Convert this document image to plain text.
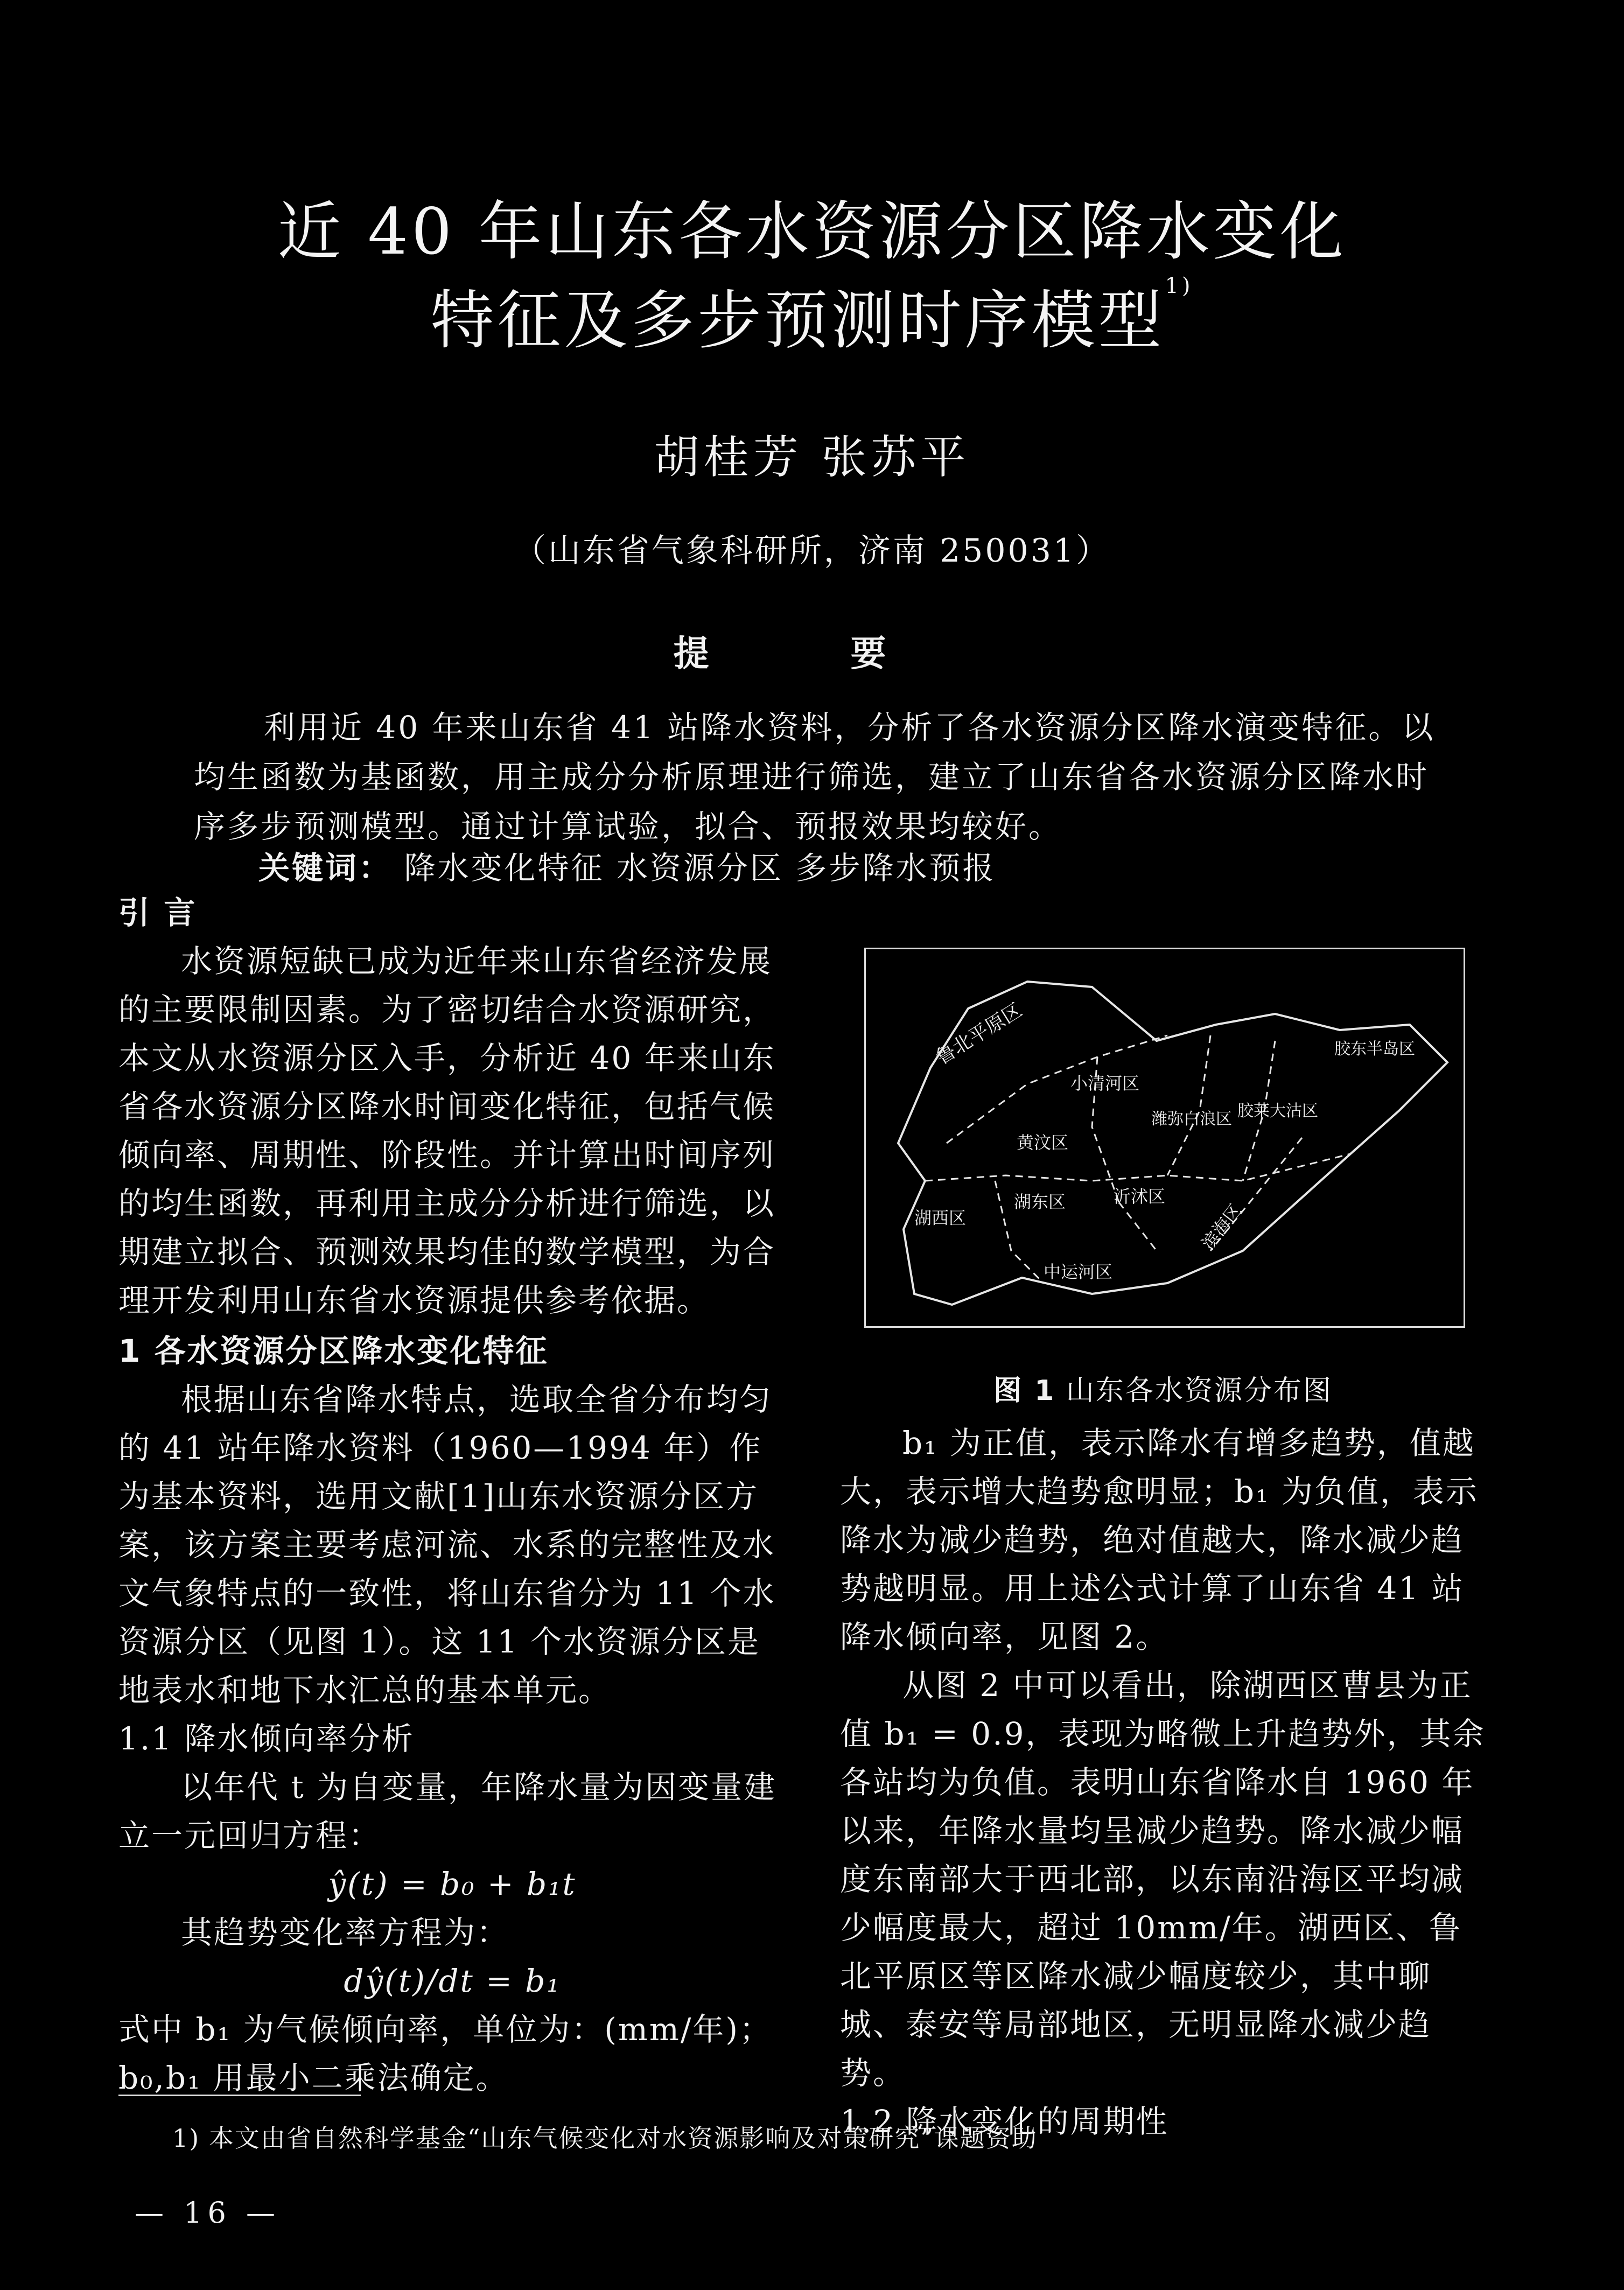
近 40 年山东各水资源分区降水变化
特征及多步预测时序模型$^{1)}$
胡桂芳 张苏平
（山东省气象科研所，济南 250031）
提 要
利用近 40 年来山东省 41 站降水资料，分析了各水资源分区降水演变特征。以均生函数为基函数，用主成分分析原理进行筛选，建立了山东省各水资源分区降水时序多步预测模型。通过计算试验，拟合、预报效果均较好。
关键词： 降水变化特征 水资源分区 多步降水预报
引 言

水资源短缺已成为近年来山东省经济发展的主要限制因素。为了密切结合水资源研究，本文从水资源分区入手，分析近 40 年来山东省各水资源分区降水时间变化特征，包括气候倾向率、周期性、阶段性。并计算出时间序列的均生函数，再利用主成分分析进行筛选，以期建立拟合、预测效果均佳的数学模型，为合理开发利用山东省水资源提供参考依据。

1 各水资源分区降水变化特征

根据山东省降水特点，选取全省分布均匀的 41 站年降水资料（1960—1994 年）作为基本资料，选用文献[1]山东水资源分区方案，该方案主要考虑河流、水系的完整性及水文气象特点的一致性，将山东省分为 11 个水资源分区（见图 1）。这 11 个水资源分区是地表水和地下水汇总的基本单元。

1.1 降水倾向率分析

以年代 t 为自变量，年降水量为因变量建立一元回归方程：

ŷ(t) = b₀ + b₁t

其趋势变化率方程为：

dŷ(t)/dt = b₁
式中 b₁ 为气候倾向率，单位为：(mm/年)；
b₀,b₁ 用最小二乘法确定。
鲁北平原区
小清河区
潍弥白浪区 胶莱大沽区
胶东半岛区
黄汶区
湖东区	沂沭区
滨海区
湖西区
中运河区
图 1 山东各水资源分布图

b₁ 为正值，表示降水有增多趋势，值越大，表示增大趋势愈明显；b₁ 为负值，表示降水为减少趋势，绝对值越大，降水减少趋势越明显。用上述公式计算了山东省 41 站降水倾向率，见图 2。

从图 2 中可以看出，除湖西区曹县为正值 b₁ = 0.9，表现为略微上升趋势外，其余各站均为负值。表明山东省降水自 1960 年以来，年降水量均呈减少趋势。降水减少幅度东南部大于西北部，以东南沿海区平均减少幅度最大，超过 10mm/年。湖西区、鲁北平原区等区降水减少幅度较少，其中聊城、泰安等局部地区，无明显降水减少趋势。

1.2 降水变化的周期性
1) 本文由省自然科学基金“山东气候变化对水资源影响及对策研究”课题资助
— 16 —
